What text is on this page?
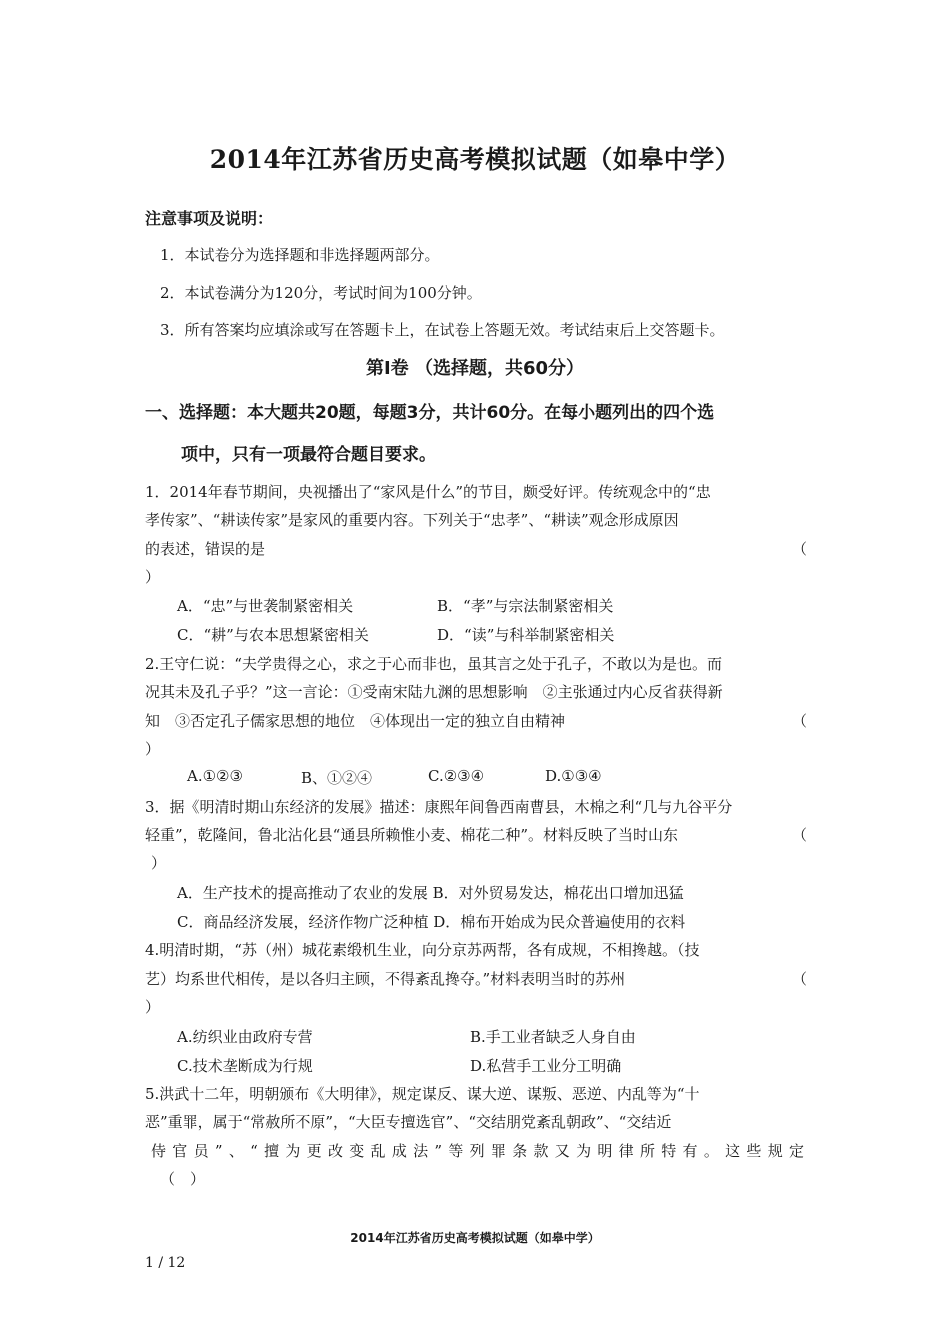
2014年江苏省历史高考模拟试题（如皋中学）
注意事项及说明：
1．本试卷分为选择题和非选择题两部分。
2．本试卷满分为120分，考试时间为100分钟。
3．所有答案均应填涂或写在答题卡上，在试卷上答题无效。考试结束后上交答题卡。
第I卷 （选择题，共60分）
一、选择题：本大题共20题，每题3分，共计60分。在每小题列出的四个选
项中，只有一项最符合题目要求。
1．2014年春节期间，央视播出了“家风是什么”的节目，颇受好评。传统观念中的“忠
孝传家”、“耕读传家”是家风的重要内容。下列关于“忠孝”、“耕读”观念形成原因
的表述，错误的是	（
）
A．“忠”与世袭制紧密相关	B．“孝”与宗法制紧密相关
C．“耕”与农本思想紧密相关	D．“读”与科举制紧密相关
2.王守仁说：“夫学贵得之心，求之于心而非也，虽其言之处于孔子，不敢以为是也。而
况其未及孔子乎？”这一言论：①受南宋陆九渊的思想影响　②主张通过内心反省获得新
知　③否定孔子儒家思想的地位　④体现出一定的独立自由精神	（
）
A.①②③	B、①②④	C.②③④	D.①③④
3．据《明清时期山东经济的发展》描述：康熙年间鲁西南曹县，木棉之利“几与九谷平分
轻重”，乾隆间，鲁北沾化县“通县所赖惟小麦、棉花二种”。材料反映了当时山东	（
）
A．生产技术的提高推动了农业的发展 B．对外贸易发达，棉花出口增加迅猛
C．商品经济发展，经济作物广泛种植 D．棉布开始成为民众普遍使用的衣料
4.明清时期，“苏（州）城花素缎机生业，向分京苏两帮，各有成规，不相搀越。（技
艺）均系世代相传，是以各归主顾，不得紊乱搀夺。”材料表明当时的苏州	（
）
A.纺织业由政府专营	B.手工业者缺乏人身自由
C.技术垄断成为行规	D.私营手工业分工明确
5.洪武十二年，明朝颁布《大明律》，规定谋反、谋大逆、谋叛、恶逆、内乱等为“十
恶”重罪，属于“常赦所不原”，“大臣专擅选官”、“交结朋党紊乱朝政”、“交结近
侍官员”、“擅为更改变乱成法”等列罪条款又为明律所特有。这些规定
（　）
2014年江苏省历史高考模拟试题（如皋中学）
1 / 12
